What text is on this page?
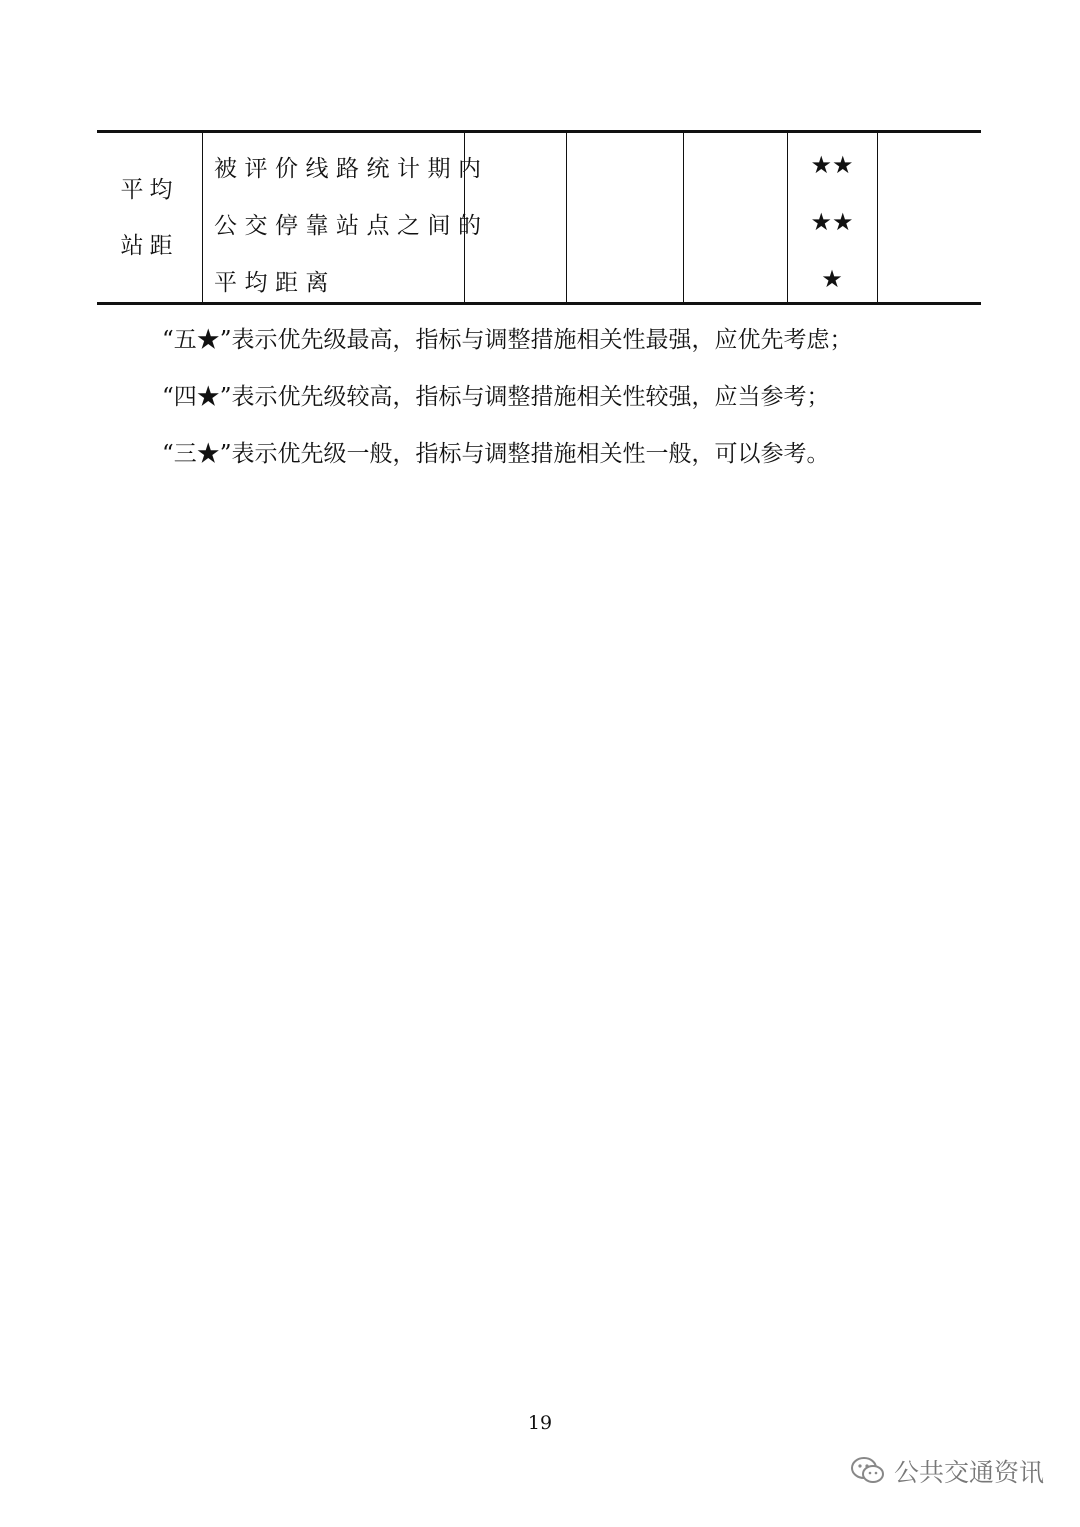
平均
站距
被评价线路统计期内
公交停靠站点之间的
平均距离
★★
★★
★

“五★”表示优先级最高，指标与调整措施相关性最强，应优先考虑；

“四★”表示优先级较高，指标与调整措施相关性较强，应当参考；

“三★”表示优先级一般，指标与调整措施相关性一般，可以参考。

19
公共交通资讯
